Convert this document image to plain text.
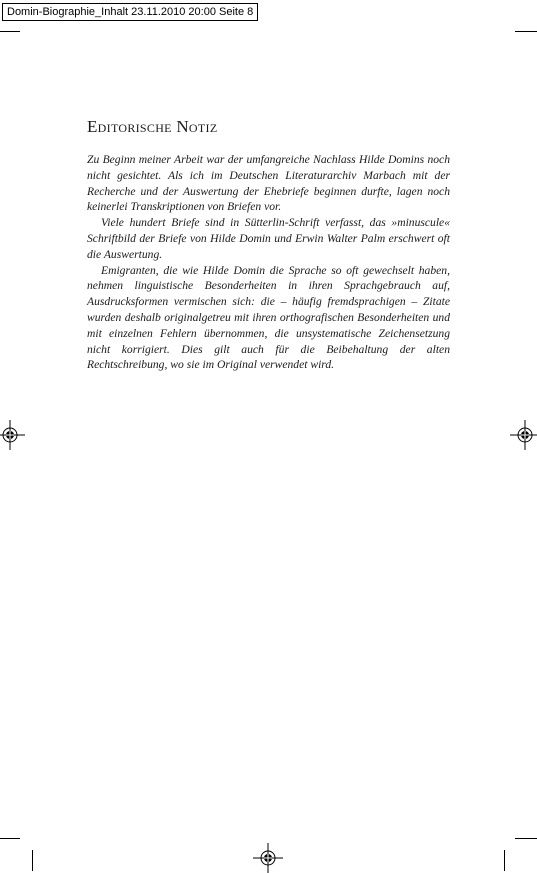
Domin-Biographie_Inhalt 23.11.2010 20:00 Seite 8
Editorische Notiz

Zu Beginn meiner Arbeit war der umfangreiche Nachlass Hilde Domins noch nicht gesichtet. Als ich im Deutschen Literaturarchiv Marbach mit der Recherche und der Auswertung der Ehebriefe beginnen durfte, lagen noch keinerlei Transkriptionen von Briefen vor.

Viele hundert Briefe sind in Sütterlin-Schrift verfasst, das »minuscule« Schriftbild der Briefe von Hilde Domin und Erwin Walter Palm erschwert oft die Auswertung.

Emigranten, die wie Hilde Domin die Sprache so oft gewechselt haben, nehmen linguistische Besonderheiten in ihren Sprachgebrauch auf, Ausdrucksformen vermischen sich: die – häufig fremdsprachigen – Zitate wurden deshalb originalgetreu mit ihren orthografischen Besonderheiten und mit einzelnen Fehlern übernommen, die unsystematische Zeichensetzung nicht korrigiert. Dies gilt auch für die Beibehaltung der alten Rechtschreibung, wo sie im Original verwendet wird.
